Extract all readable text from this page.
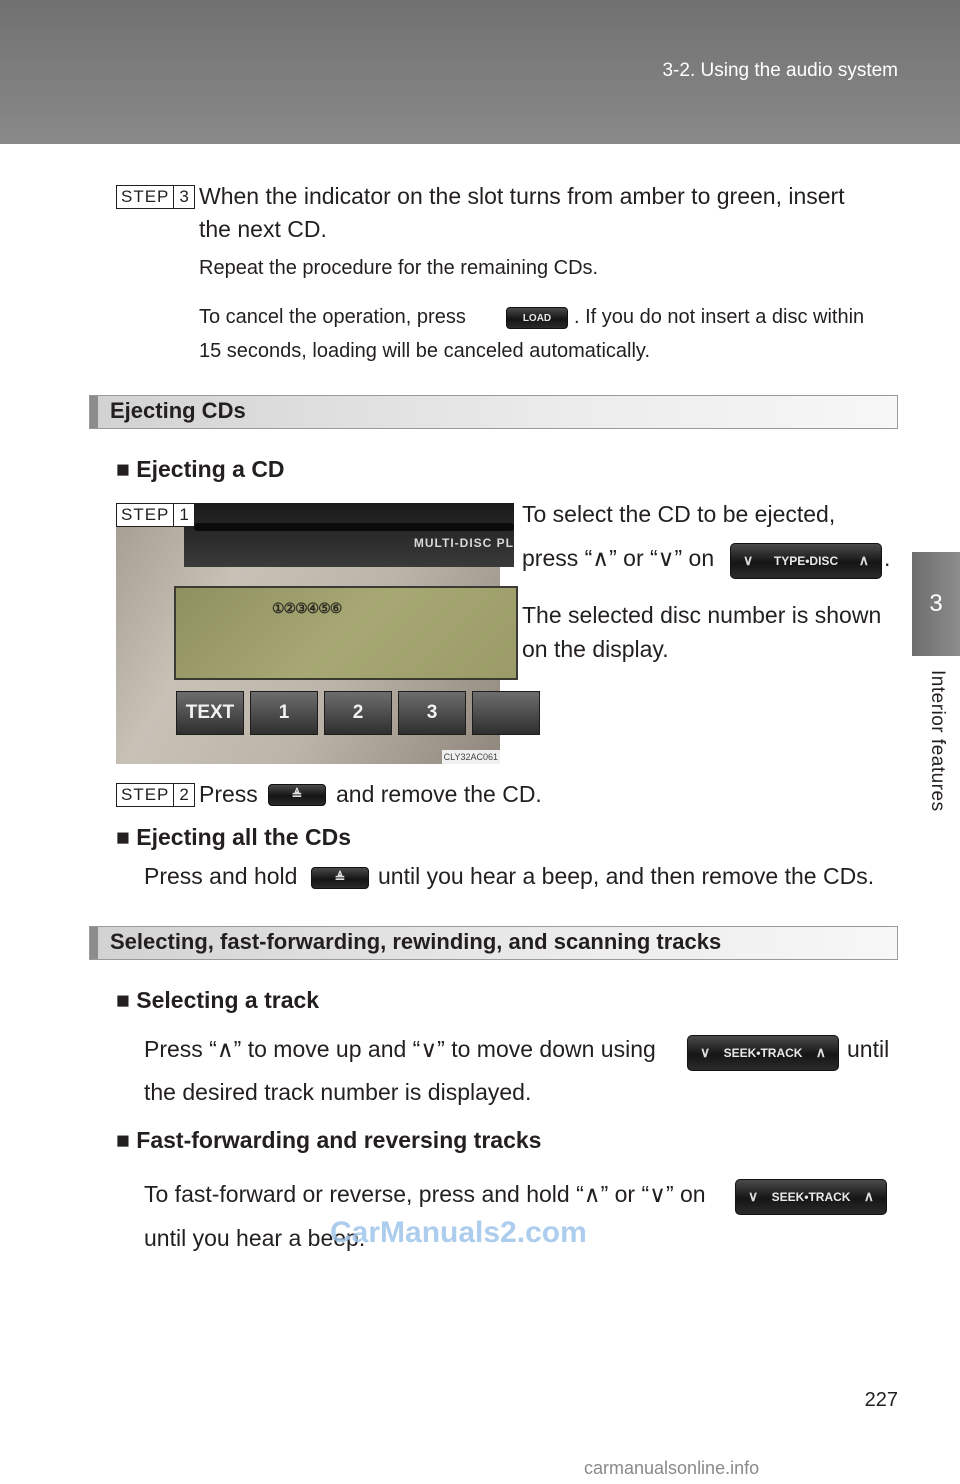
3-2. Using the audio system
3
Interior features
STEP 3 When the indicator on the slot turns from amber to green, insert
the next CD.
Repeat the procedure for the remaining CDs.
To cancel the operation, press	LOAD . If you do not insert a disc within
15 seconds, loading will be canceled automatically.
Ejecting CDs
■ Ejecting a CD
MULTI-DISC PL
①②③④⑤⑥
TEXT	1	2	3
CLY32AC061
STEP 1	To select the CD to be ejected,
press “∧” or “∨” on ∨ TYPE•DISC ∧ .
The selected disc number is shown
on the display.
STEP 2 Press	≜ and remove the CD.
■ Ejecting all the CDs
Press and hold	≜ until you hear a beep, and then remove the CDs.
Selecting, fast-forwarding, rewinding, and scanning tracks
■ Selecting a track
Press “∧” to move up and “∨” to move down using	∨ SEEK•TRACK ∧ until
the desired track number is displayed.
■ Fast-forwarding and reversing tracks
To fast-forward or reverse, press and hold “∧” or “∨” on	∨ SEEK•TRACK ∧
until you hear a beep.
CarManuals2.com
227
carmanualsonline.info
